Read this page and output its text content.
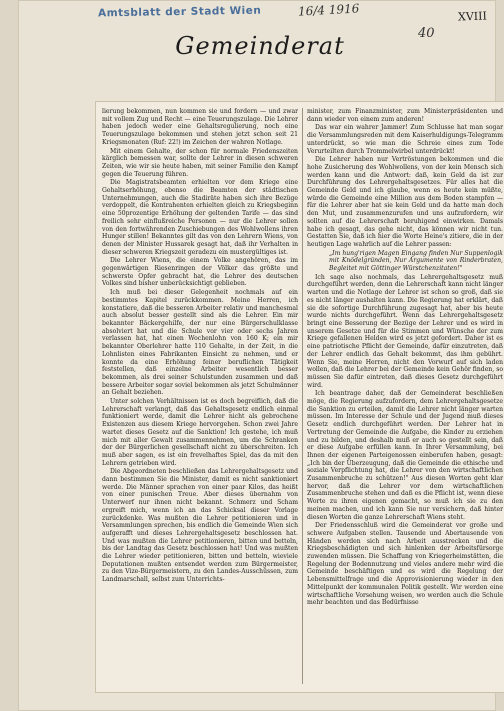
Amtsblatt der Stadt Wien	16/4 1916	XVIII
40
Gemeinderat

lierung bekommen, nun kommen sie und fordern — und zwar mit vollem Zug und Recht — eine Teuerungszulage. Die Lehrer haben jedoch weder eine Gehaltsregulierung, noch eine Teuerungszulage bekommen und stehen jetzt schon seit 21 Kriegsmonaten (Ruf: 22!) im Zeichen der wahren Notlage.

Mit einem Gehalte, der schon für normale Friedenszeiten kärglich bemessen war, sollte der Lehrer in diesen schweren Zeiten, wie wir sie heute haben, mit seiner Familie den Kampf gegen die Teuerung führen.

Die Magistratsbeamten erhielten vor dem Kriege eine Gehaltserhöhung, ebenso die Beamten der städtischen Unternehmungen, auch die Stadiräte haben sich ihre Bezüge verdoppelt, die Kontrahenten erhielten gleich zu Kriegsbeginn eine 50prozentige Erhöhung der geltenden Tarife — das sind freilich sehr einflußreiche Personen — nur die Lehrer sollen von den fortwährenden Zuschiebungen des Wohlwollens ihren Hunger stillen! Bekanntes gilt das von den Lehrern Wiens, von denen der Minister Hussarek gesagt hat, daß ihr Verhalten in dieser schweren Kriegszeit geradezu ein mustergültiges ist.

Die Lehrer Wiens, die einem Volke angehören, das im gegenwärtigen Riesenringen der Völker das größte und schwerste Opfer gebracht hat, die Lehrer des deutschen Volkes sind bisher unberücksichtigt geblieben.

Ich muß bei dieser Gelegenheit nochmals auf ein bestimmtes Kapitel zurückkommen. Meine Herren, ich konstatiere, daß die besseren Arbeiter relativ und manchesmal auch absolut besser gestellt sind als die Lehrer. Ein mir bekannter Bäckergehilfe, der nur eine Bürgerschulklasse absolviert hat und die Schule vor vier oder sechs Jahren verlassen hat, hat einen Wochenlohn von 160 K; ein mir bekannter Oberlehrer hatte 110 Gehalte, in der Zeit, in die Lohnlisten eines Fabrikanten Einsicht zu nehmen, und er konnte da eine Erhöhung feiner beruflichen Tätigkeit feststellen, daß einzelne Arbeiter wesentlich besser bekommen, als drei seiner Schulstunden zusammen und daß bessere Arbeiter sogar soviel bekommen als jetzt Schulmänner an Gehalt beziehen.

Unter solchen Verhältnissen ist es doch begreiflich, daß die Lehrerschaft verlangt, daß das Gehaltsgesetz endlich einmal funktioniert werde, damit die Lehrer nicht als gebrochene Existenzen aus diesem Kriege hervorgehen. Schon zwei Jahre wartet dieses Gesetz auf die Sanktion! Ich gestehe, ich muß mich mit aller Gewalt zusammennehmen, um die Schranken der der Bürgerlichen gesellschaft nicht zu überschreiten. Ich muß aber sagen, es ist ein frevelhaftes Spiel, das da mit den Lehrern getrieben wird.

Die Abgeordneten beschließen das Lehrergehaltsgesetz und dann bestimmen Sie die Minister, damit es nicht sanktioniert werde. Die Männer sprachen von einer paar Kilos, das heißt von einer punischen Treue. Aber dieses übernahm von Unterwerf nur ihnen nicht bekannt. Schmerz und Scham ergreift mich, wenn ich an das Schicksal dieser Vorlage zurückdenke. Was mußten die Lehrer petitionieren und in Versammlungen sprechen, bis endlich die Gemeinde Wien sich aufgerafft und dieses Lehrergehaltsgesetz beschlossen hat. Und was mußten die Lehrer petitionieren, bitten und betteln, bis der Landtag das Gesetz beschlossen hat! Und was mußten die Lehrer wieder petitionieren, bitten und betteln, wieviele Deputationen mußten entsendet werden zum Bürgermeister, zu den Vize-Bürgermeistern, zu den Landes-Ausschüssen, zum Landmarschall, selbst zum Unterrichts-

minister, zum Finanzminister, zum Ministerpräsidenten und dann wieder von einem zum anderen!

Das war ein wahrer Jammer! Zum Schlusse hat man sogar die Versammlungsreden mit dem Kaiserhuldigungs-Telegramm unterdrückt, so wie man die Schreie eines zum Tode Verurteilten durch Trommelwirbel unterdrückt!

Die Lehrer haben nur Vertröstungen bekommen und die hohe Zusicherung des Wohlwollens, von der kein Mensch sich werden kann und die Antwort: daß, kein Geld da ist zur Durchführung des Lehrergehaltsgesetzes. Für alles hat die Gemeinde Geld und ich glaube, wenn es heute kein müßte, würde die Gemeinde eine Million aus dem Boden stampfen — für die Lehrer aber hat sie kein Geld und da hatte man doch den Mut, und zusammenzurufen und uns aufzufordern, wir sollten auf die Lehrerschaft beruhigend einwirken. Damals habe ich gesagt, das gehe nicht, das können wir nicht tun. Gestatten Sie, daß ich hier die Worte Heine's zitiere, die in der heutigen Lage wahrlich auf die Lehrer passen:

„Im hung'rigen Magen Eingang finden Nur Suppenlogik mit Knödelgründen, Nur Argumente von Rinderbraten, Begleitet mit Göttinger Würstchenzitaten!"

Ich sage also nochmals, das Lehrergehaltsgesetz muß durchgeführt werden, denn die Lehrerschaft kann nicht länger warten und die Notlage der Lehrer ist schon so groß, daß sie es nicht länger aushalten kann. Die Regierung hat erklärt, daß sie die sofortige Durchführung zugesagt hat, aber bis heute wurde nichts durchgeführt. Wenn das Lehrergehaltsgesetz bringt eine Besserung der Bezüge der Lehrer und es wird in unserem Gesetze und für die Stimmen und Wünsche der zum Kriege gefallenen Helden wird es jetzt gefordert. Daher ist es eine patriotische Pflicht der Gemeinde, dafür einzutreten, daß der Lehrer endlich das Gehalt bekommt, das ihm gebührt. Wenn Sie, meine Herren, nicht den Vorwurf auf sich laden wollen, daß die Lehrer bei der Gemeinde kein Gehör finden, so müssen Sie dafür eintreten, daß dieses Gesetz durchgeführt wird.

Ich beantrage daher, daß der Gemeinderat beschließen möge, die Regierung aufzufordern, dem Lehrergehaltsgesetze die Sanktion zu erteilen, damit die Lehrer nicht länger warten müssen. Im Interesse der Schule und der Jugend muß dieses Gesetz endlich durchgeführt werden. Der Lehrer hat in Vertretung der Gemeinde die Aufgabe, die Kinder zu erziehen und zu bilden, und deshalb muß er auch so gestellt sein, daß er diese Aufgabe erfüllen kann. In Ihrer Versammlung, bei Ihnen der eigenen Parteigenossen einberufen haben, gesagt: „Ich bin der Überzeugung, daß die Gemeinde die ethische und soziale Verpflichtung hat, die Lehrer von den wirtschaftlichen Zusammenbruche zu schützen!" Aus diesen Worten geht klar hervor, daß die Lehrer vor dem wirtschaftlichen Zusammenbruche stehen und daß es die Pflicht ist, wenn diese Worte zu ihren eigenen gemacht, so muß ich sie zu den meinen machen, und ich kann Sie nur versichern, daß hinter diesen Worten die ganze Lehrerschaft Wiens steht.

Der Friedensschluß wird die Gemeinderat vor große und schwere Aufgaben stellen. Tausende und Abertausende von Händen werden sich nach Arbeit ausstrecken und die Kriegsbeschädigten und sich hinlenken der Arbeitsfürsorge zuwenden müssen. Die Schaffung von Kriegerheimstätten, die Regelung der Bodennutzung und vieles andere mehr wird die Gemeinde beschäftigen und es wird die Regelung der Lebensmittelfrage und die Approvisionierung wieder in den Mittelpunkt der kommunalen Politik gestellt. Wir werden eine wirtschaftliche Vorsehung weisen, wo werden auch die Schule mehr beachten und das Bedürfnisse
